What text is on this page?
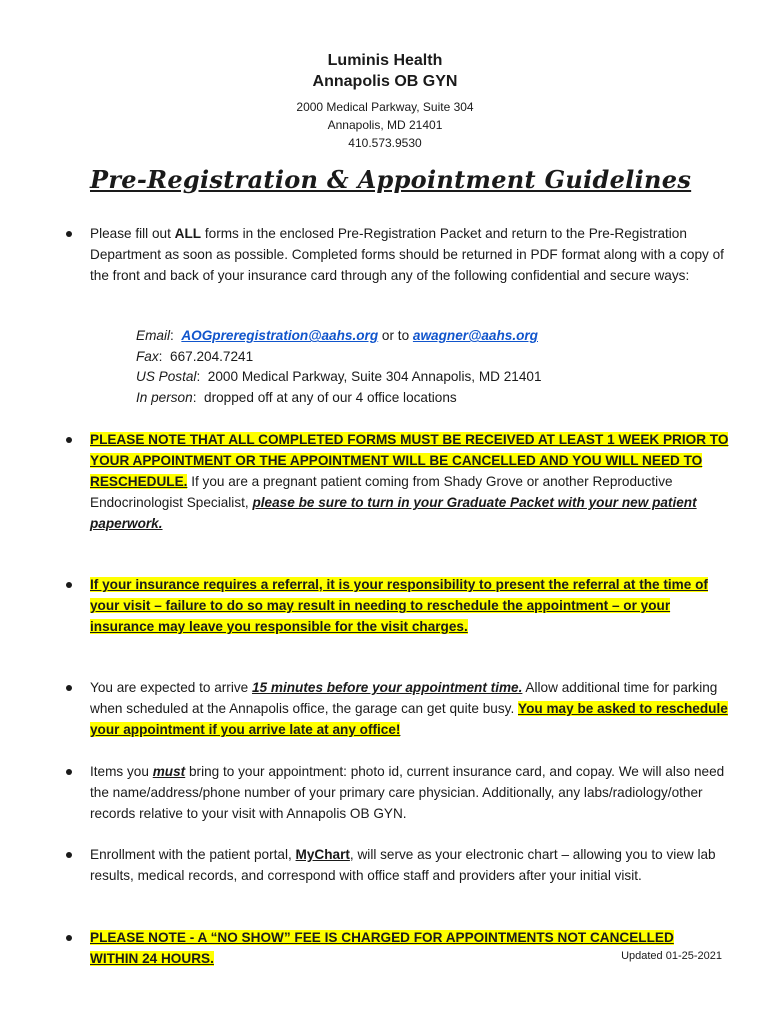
Luminis Health
Annapolis OB GYN
2000 Medical Parkway, Suite 304
Annapolis, MD 21401
410.573.9530
Pre-Registration & Appointment Guidelines
Please fill out ALL forms in the enclosed Pre-Registration Packet and return to the Pre-Registration Department as soon as possible. Completed forms should be returned in PDF format along with a copy of the front and back of your insurance card through any of the following confidential and secure ways:
Email:  AOGpreregistration@aahs.org or to awagner@aahs.org
Fax:  667.204.7241
US Postal:  2000 Medical Parkway, Suite 304 Annapolis, MD 21401
In person:  dropped off at any of our 4 office locations
PLEASE NOTE THAT ALL COMPLETED FORMS MUST BE RECEIVED AT LEAST 1 WEEK PRIOR TO YOUR APPOINTMENT OR THE APPOINTMENT WILL BE CANCELLED AND YOU WILL NEED TO RESCHEDULE. If you are a pregnant patient coming from Shady Grove or another Reproductive Endocrinologist Specialist, please be sure to turn in your Graduate Packet with your new patient paperwork.
If your insurance requires a referral, it is your responsibility to present the referral at the time of your visit – failure to do so may result in needing to reschedule the appointment – or your insurance may leave you responsible for the visit charges.
You are expected to arrive 15 minutes before your appointment time. Allow additional time for parking when scheduled at the Annapolis office, the garage can get quite busy. You may be asked to reschedule your appointment if you arrive late at any office!
Items you must bring to your appointment: photo id, current insurance card, and copay. We will also need the name/address/phone number of your primary care physician. Additionally, any labs/radiology/other records relative to your visit with Annapolis OB GYN.
Enrollment with the patient portal, MyChart, will serve as your electronic chart – allowing you to view lab results, medical records, and correspond with office staff and providers after your initial visit.
PLEASE NOTE - A “NO SHOW” FEE IS CHARGED FOR APPOINTMENTS NOT CANCELLED WITHIN 24 HOURS.	Updated 01-25-2021
